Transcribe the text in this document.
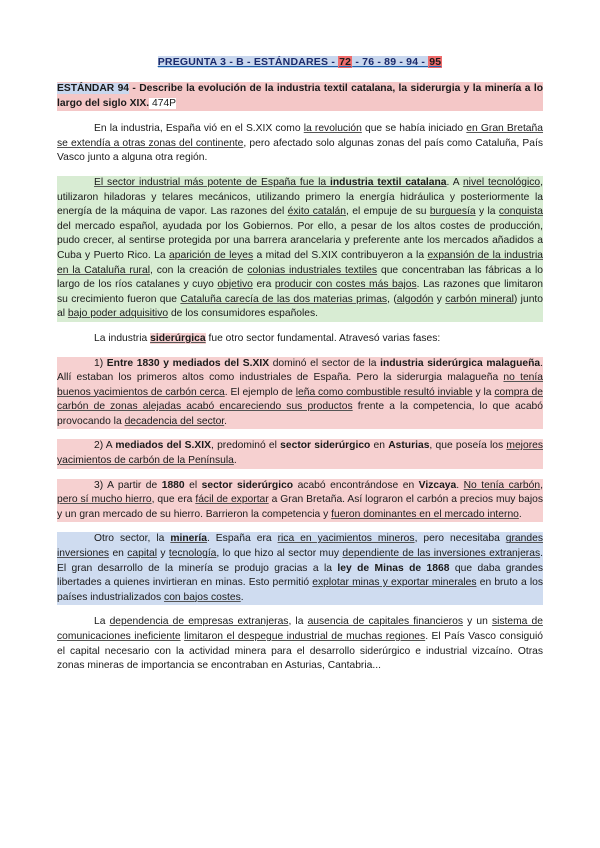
PREGUNTA 3 - B - ESTÁNDARES - 72 - 76 - 89 - 94 - 95

ESTÁNDAR 94 - Describe la evolución de la industria textil catalana, la siderurgia y la minería a lo largo del siglo XIX. 474P

En la industria, España vió en el S.XIX como la revolución que se había iniciado en Gran Bretaña se extendía a otras zonas del continente, pero afectado solo algunas zonas del país como Cataluña, País Vasco junto a alguna otra región.

El sector industrial más potente de España fue la industria textil catalana. A nivel tecnológico, utilizaron hiladoras y telares mecánicos, utilizando primero la energía hidráulica y posteriormente la energía de la máquina de vapor. Las razones del éxito catalán, el empuje de su burguesía y la conquista del mercado español, ayudada por los Gobiernos. Por ello, a pesar de los altos costes de producción, pudo crecer, al sentirse protegida por una barrera arancelaria y preferente ante los mercados añadidos a Cuba y Puerto Rico. La aparición de leyes a mitad del S.XIX contribuyeron a la expansión de la industria en la Cataluña rural, con la creación de colonias industriales textiles que concentraban las fábricas a lo largo de los ríos catalanes y cuyo objetivo era producir con costes más bajos. Las razones que limitaron su crecimiento fueron que Cataluña carecía de las dos materias primas, (algodón y carbón mineral) junto al bajo poder adquisitivo de los consumidores españoles.

La industria siderúrgica fue otro sector fundamental. Atravesó varias fases:

1) Entre 1830 y mediados del S.XIX dominó el sector de la industria siderúrgica malagueña. Allí estaban los primeros altos como industriales de España. Pero la siderurgia malagueña no tenía buenos yacimientos de carbón cerca. El ejemplo de leña como combustible resultó inviable y la compra de carbón de zonas alejadas acabó encareciendo sus productos frente a la competencia, lo que acabó provocando la decadencia del sector.

2) A mediados del S.XIX, predominó el sector siderúrgico en Asturias, que poseía los mejores yacimientos de carbón de la Península.

3) A partir de 1880 el sector siderúrgico acabó encontrándose en Vizcaya. No tenía carbón, pero sí mucho hierro, que era fácil de exportar a Gran Bretaña. Así lograron el carbón a precios muy bajos y un gran mercado de su hierro. Barrieron la competencia y fueron dominantes en el mercado interno.

Otro sector, la minería. España era rica en yacimientos mineros, pero necesitaba grandes inversiones en capital y tecnología, lo que hizo al sector muy dependiente de las inversiones extranjeras. El gran desarrollo de la minería se produjo gracias a la ley de Minas de 1868 que daba grandes libertades a quienes invirtieran en minas. Esto permitió explotar minas y exportar minerales en bruto a los países industrializados con bajos costes.

La dependencia de empresas extranjeras, la ausencia de capitales financieros y un sistema de comunicaciones ineficiente limitaron el despegue industrial de muchas regiones. El País Vasco consiguió el capital necesario con la actividad minera para el desarrollo siderúrgico e industrial vizcaíno. Otras zonas mineras de importancia se encontraban en Asturias, Cantabria...
